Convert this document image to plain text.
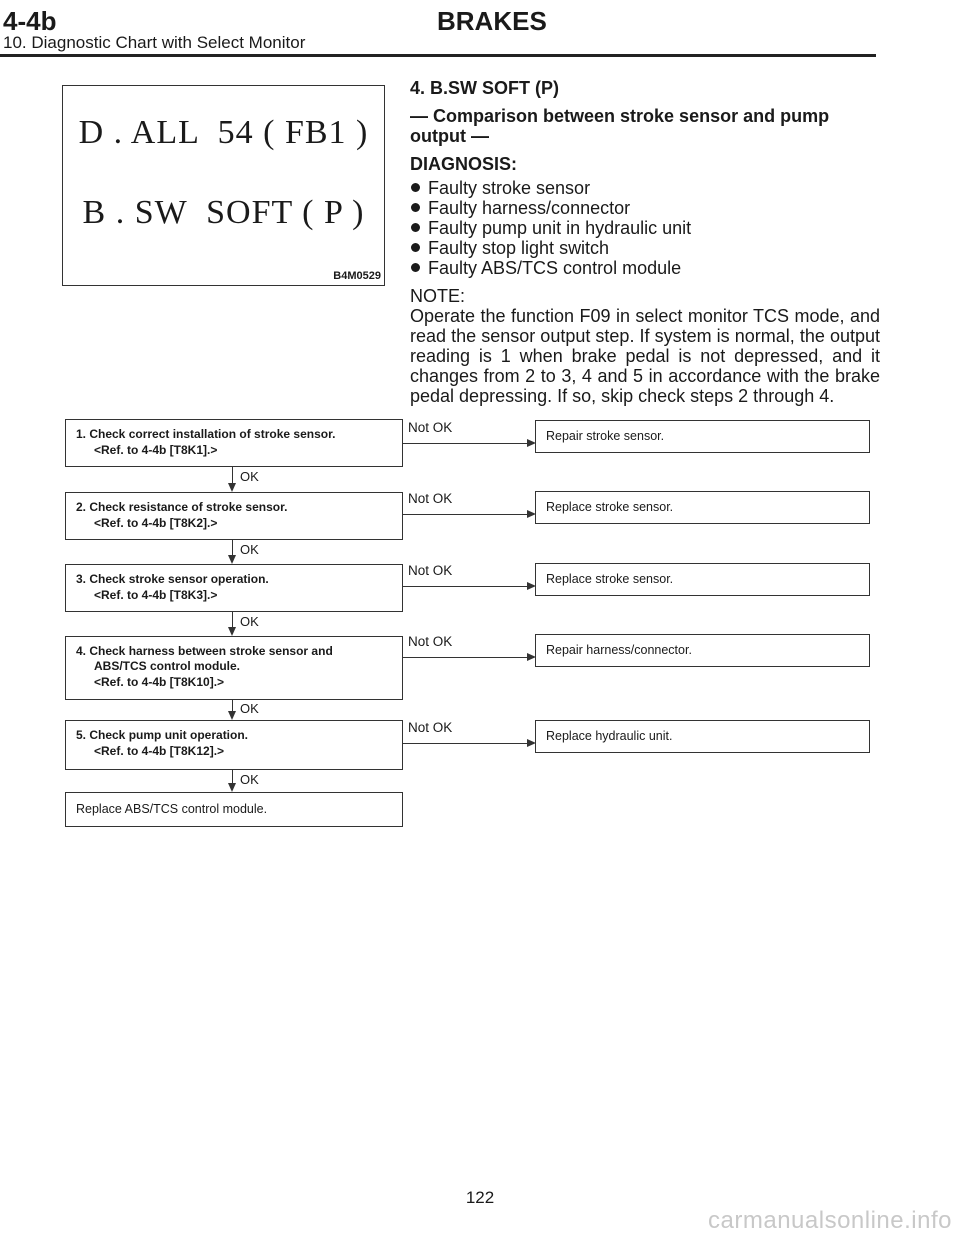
4-4b	BRAKES
10. Diagnostic Chart with Select Monitor
D . ALL  54 ( FB1 )
B . SW  SOFT ( P )
B4M0529
4. B.SW SOFT (P)
— Comparison between stroke sensor and pump output —
DIAGNOSIS:
Faulty stroke sensor
Faulty harness/connector
Faulty pump unit in hydraulic unit
Faulty stop light switch
Faulty ABS/TCS control module
NOTE:
Operate the function F09 in select monitor TCS mode, and read the sensor output step. If system is normal, the output reading is 1 when brake pedal is not depressed, and it changes from 2 to 3, 4 and 5 in accordance with the brake pedal depressing. If so, skip check steps 2 through 4.
1. Check correct installation of stroke sensor.
<Ref. to 4-4b [T8K1].>
Not OK
Repair stroke sensor.
OK
2. Check resistance of stroke sensor.
<Ref. to 4-4b [T8K2].>
Not OK
Replace stroke sensor.
OK
3. Check stroke sensor operation.
<Ref. to 4-4b [T8K3].>
Not OK
Replace stroke sensor.
OK
4. Check harness between stroke sensor and ABS/TCS control module.
<Ref. to 4-4b [T8K10].>
Not OK
Repair harness/connector.
OK
5. Check pump unit operation.
<Ref. to 4-4b [T8K12].>
Not OK
Replace hydraulic unit.
OK
Replace ABS/TCS control module.
122
carmanualsonline.info
